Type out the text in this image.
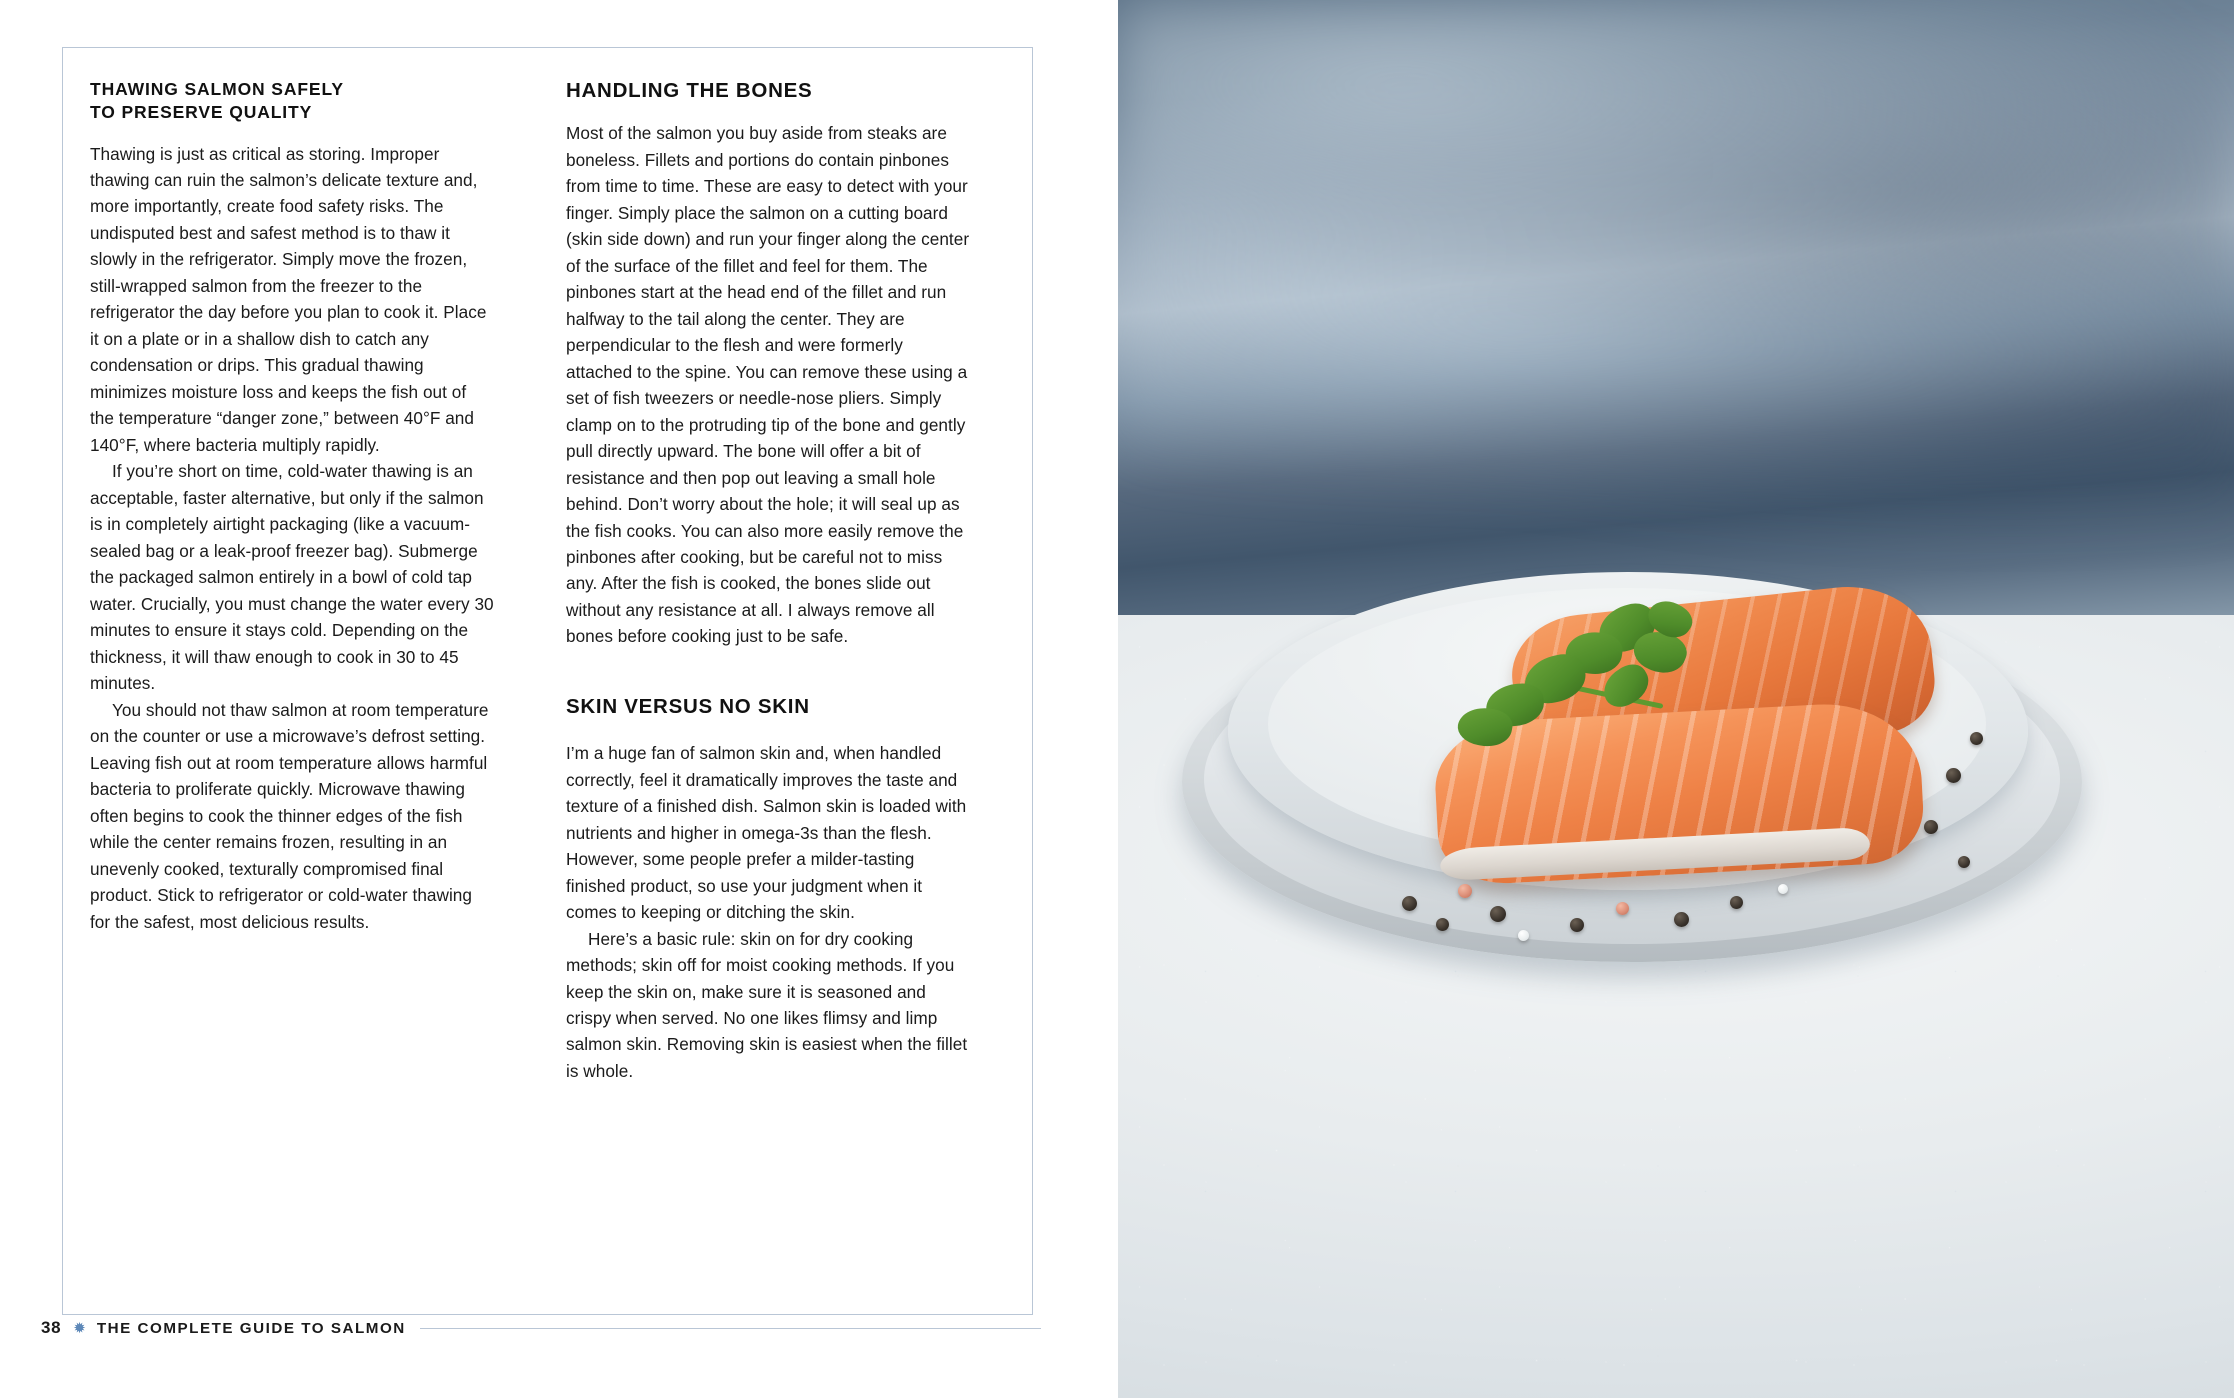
THAWING SALMON SAFELY
TO PRESERVE QUALITY

Thawing is just as critical as storing. Improper thawing can ruin the salmon’s delicate texture and, more importantly, create food safety risks. The undisputed best and safest method is to thaw it slowly in the refrigerator. Simply move the frozen, still-wrapped salmon from the freezer to the refrigerator the day before you plan to cook it. Place it on a plate or in a shallow dish to catch any condensation or drips. This gradual thawing minimizes moisture loss and keeps the fish out of the temperature “danger zone,” between 40°F and 140°F, where bacteria multiply rapidly.

If you’re short on time, cold-water thawing is an acceptable, faster alternative, but only if the salmon is in completely airtight packaging (like a vacuum-sealed bag or a leak-proof freezer bag). Submerge the packaged salmon entirely in a bowl of cold tap water. Crucially, you must change the water every 30 minutes to ensure it stays cold. Depending on the thickness, it will thaw enough to cook in 30 to 45 minutes.

You should not thaw salmon at room temperature on the counter or use a microwave’s defrost setting. Leaving fish out at room temperature allows harmful bacteria to proliferate quickly. Microwave thawing often begins to cook the thinner edges of the fish while the center remains frozen, resulting in an unevenly cooked, texturally compromised final product. Stick to refrigerator or cold-water thawing for the safest, most delicious results.

HANDLING THE BONES

Most of the salmon you buy aside from steaks are boneless. Fillets and portions do contain pinbones from time to time. These are easy to detect with your finger. Simply place the salmon on a cutting board (skin side down) and run your finger along the center of the surface of the fillet and feel for them. The pinbones start at the head end of the fillet and run halfway to the tail along the center. They are perpendicular to the flesh and were formerly attached to the spine. You can remove these using a set of fish tweezers or needle-nose pliers. Simply clamp on to the protruding tip of the bone and gently pull directly upward. The bone will offer a bit of resistance and then pop out leaving a small hole behind. Don’t worry about the hole; it will seal up as the fish cooks. You can also more easily remove the pinbones after cooking, but be careful not to miss any. After the fish is cooked, the bones slide out without any resistance at all. I always remove all bones before cooking just to be safe.

SKIN VERSUS NO SKIN

I’m a huge fan of salmon skin and, when handled correctly, feel it dramatically improves the taste and texture of a finished dish. Salmon skin is loaded with nutrients and higher in omega-3s than the flesh. However, some people prefer a milder-tasting finished product, so use your judgment when it comes to keeping or ditching the skin.

Here’s a basic rule: skin on for dry cooking methods; skin off for moist cooking methods. If you keep the skin on, make sure it is seasoned and crispy when served. No one likes flimsy and limp salmon skin. Removing skin is easiest when the fillet is whole.

38 ✹ THE COMPLETE GUIDE TO SALMON
